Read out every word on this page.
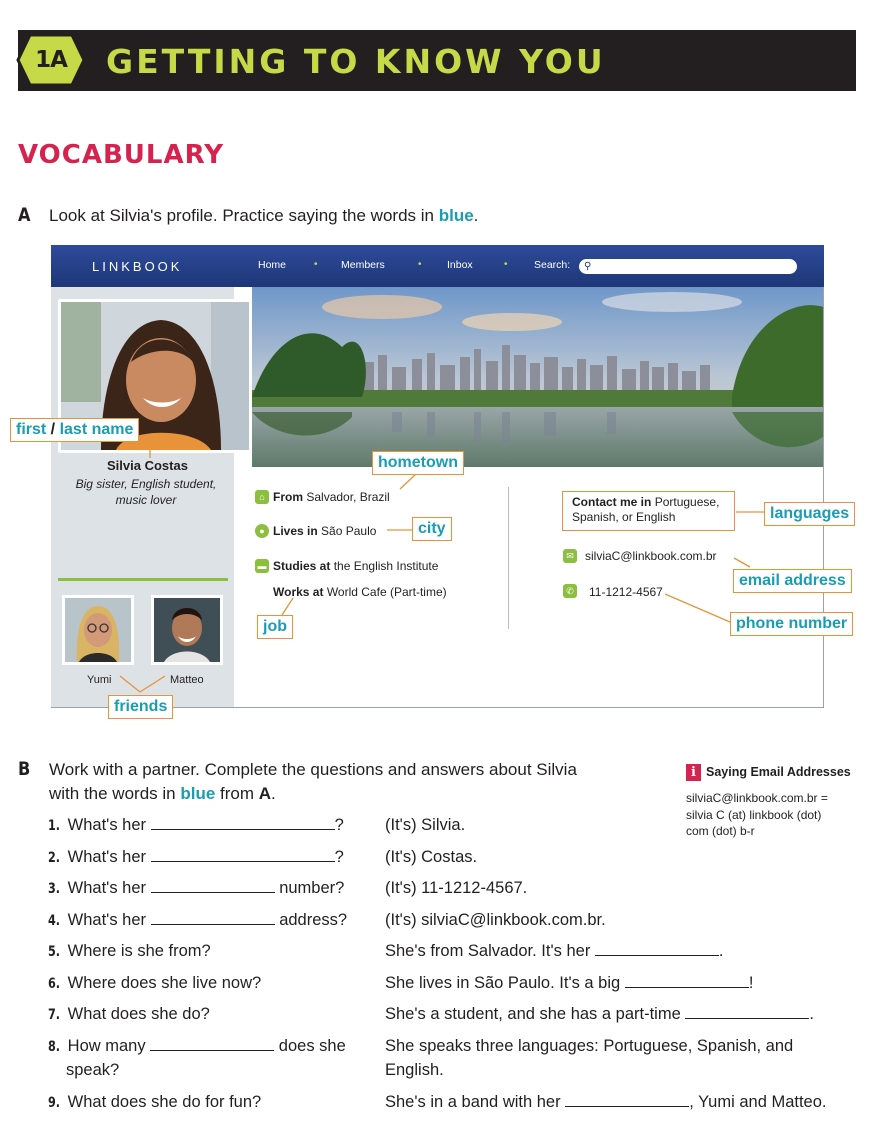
1A	GETTING TO KNOW YOU
VOCABULARY
A Look at Silvia's profile. Practice saying the words in blue.
LINKBOOK	Home	• Members	• Inbox	•	Search: ⚲
Silvia Costas
Big sister, English student,
music lover
Yumi	Matteo
⌂ From Salvador, Brazil
● Lives in São Paulo
▬ Studies at the English Institute
Works at World Cafe (Part-time)
Contact me in Portuguese,
Spanish, or English
✉ silviaC@linkbook.com.br
✆ 11-1212-4567
first / last name
hometown
city
job
friends
languages
email address
phone number
B Work with a partner. Complete the questions and answers about Silvia
with the words in blue from A.
i Saying Email Addresses
silviaC@linkbook.com.br =
silvia C (at) linkbook (dot)
com (dot) b-r
1. What's her	? (It's) Silvia.
2. What's her	? (It's) Costas.
3. What's her	number? (It's) 11-1212-4567.
4. What's her	address? (It's) silviaC@linkbook.com.br.
5. Where is she from?	She's from Salvador. It's her	.
6. Where does she live now?	She lives in São Paulo. It's a big	!
7. What does she do?	She's a student, and she has a part-time	.
8. How many	does she
speak?
She speaks three languages: Portuguese, Spanish, and
English.
9. What does she do for fun?	She's in a band with her	, Yumi and Matteo.
